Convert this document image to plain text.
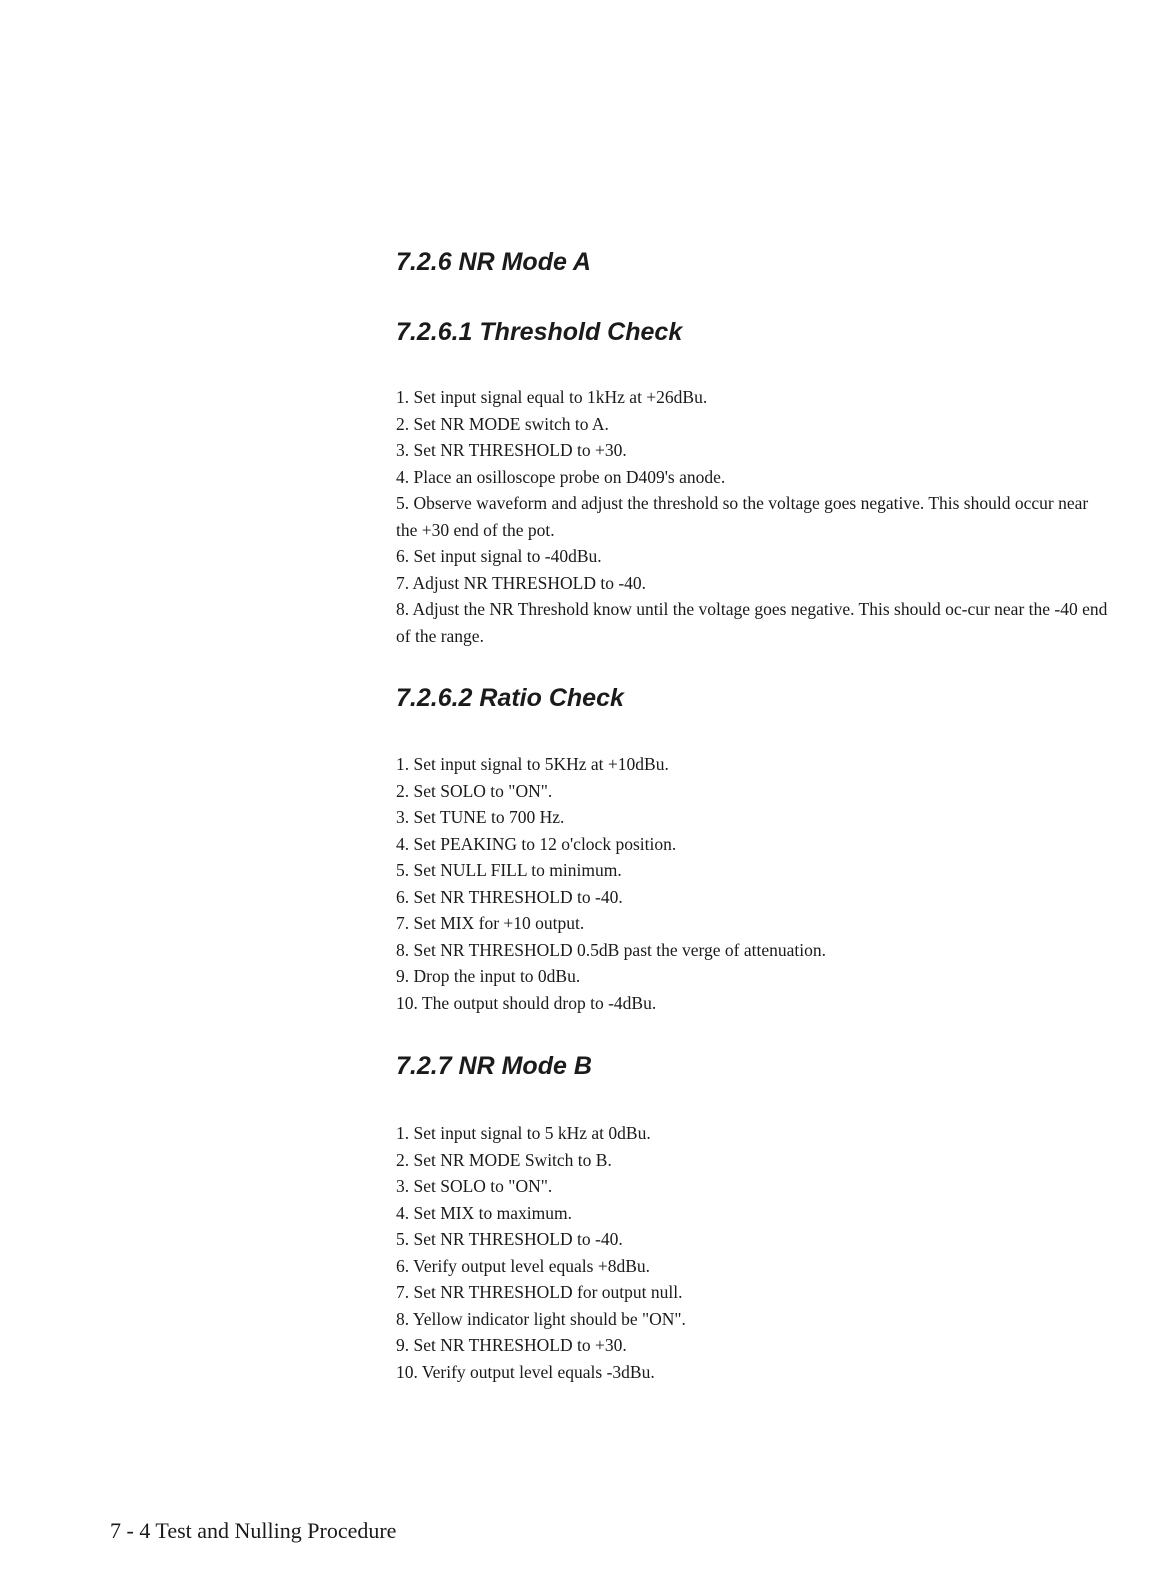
7.2.6 NR Mode A
7.2.6.1 Threshold Check
1. Set input signal equal to 1kHz at +26dBu.
2. Set NR MODE switch to A.
3. Set NR THRESHOLD to +30.
4. Place an osilloscope probe on D409's anode.
5. Observe waveform and adjust the threshold so the voltage goes negative. This should occur near the +30 end of the pot.
6. Set input signal to -40dBu.
7. Adjust NR THRESHOLD to -40.
8. Adjust the NR Threshold know until the voltage goes negative. This should oc-cur near the -40 end of the range.
7.2.6.2 Ratio Check
1. Set input signal to 5KHz at +10dBu.
2. Set SOLO to "ON".
3. Set TUNE to 700 Hz.
4. Set PEAKING to 12 o'clock position.
5. Set NULL FILL to minimum.
6. Set NR THRESHOLD to -40.
7. Set MIX for +10 output.
8. Set NR THRESHOLD 0.5dB past the verge of attenuation.
9. Drop the input to 0dBu.
10. The output should drop to -4dBu.
7.2.7 NR Mode B
1. Set input signal to 5 kHz at 0dBu.
2. Set NR MODE Switch to B.
3. Set SOLO to "ON".
4. Set MIX to maximum.
5. Set NR THRESHOLD to -40.
6. Verify output level equals +8dBu.
7. Set NR THRESHOLD for output null.
8. Yellow indicator light should be "ON".
9. Set NR THRESHOLD to +30.
10. Verify output level equals -3dBu.
7 - 4 Test and Nulling Procedure
